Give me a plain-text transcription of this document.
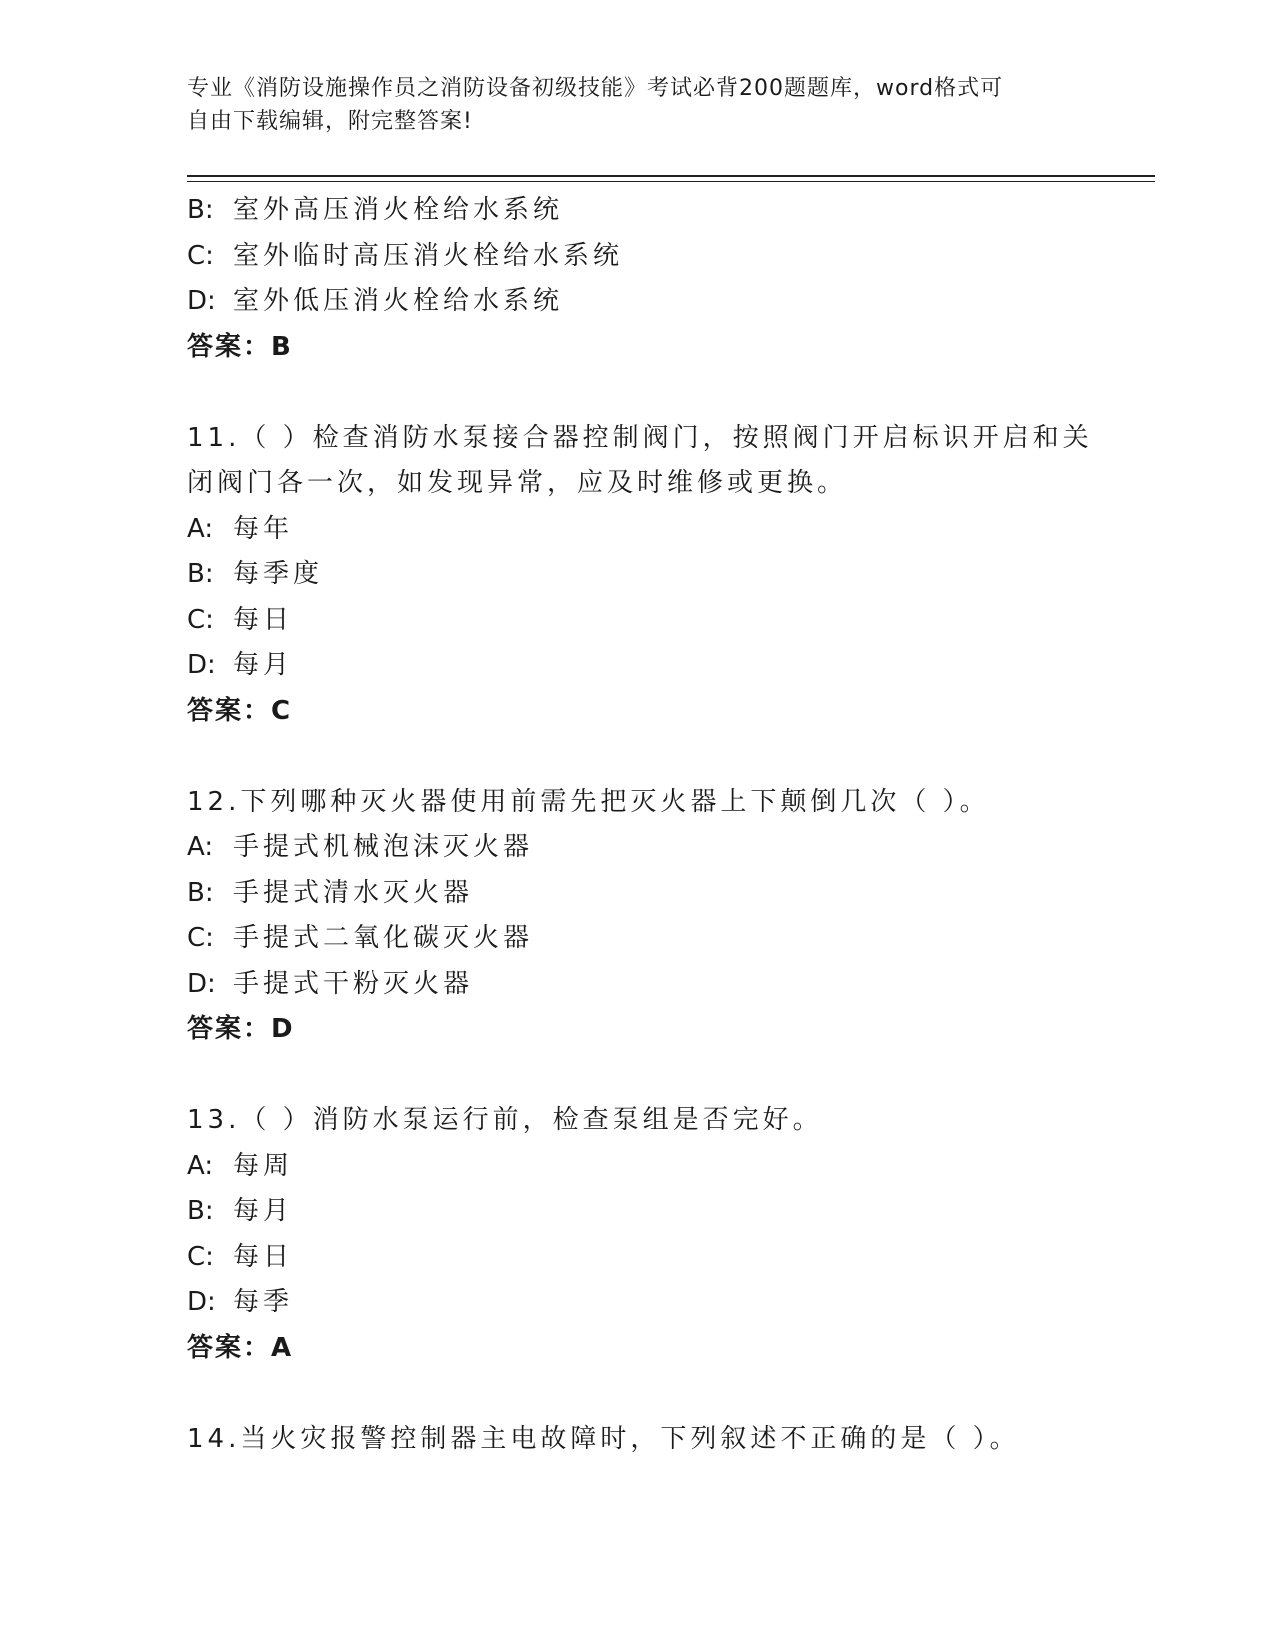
专业《消防设施操作员之消防设备初级技能》考试必背200题题库，word格式可
自由下载编辑，附完整答案!
B: 室外高压消火栓给水系统
C: 室外临时高压消火栓给水系统
D: 室外低压消火栓给水系统
答案：B
11.（ ）检查消防水泵接合器控制阀门，按照阀门开启标识开启和关
闭阀门各一次，如发现异常，应及时维修或更换。
A: 每年
B: 每季度
C: 每日
D: 每月
答案：C
12.下列哪种灭火器使用前需先把灭火器上下颠倒几次（ ）。
A: 手提式机械泡沫灭火器
B: 手提式清水灭火器
C: 手提式二氧化碳灭火器
D: 手提式干粉灭火器
答案：D
13.（ ）消防水泵运行前，检查泵组是否完好。
A: 每周
B: 每月
C: 每日
D: 每季
答案：A
14.当火灾报警控制器主电故障时，下列叙述不正确的是（ ）。
